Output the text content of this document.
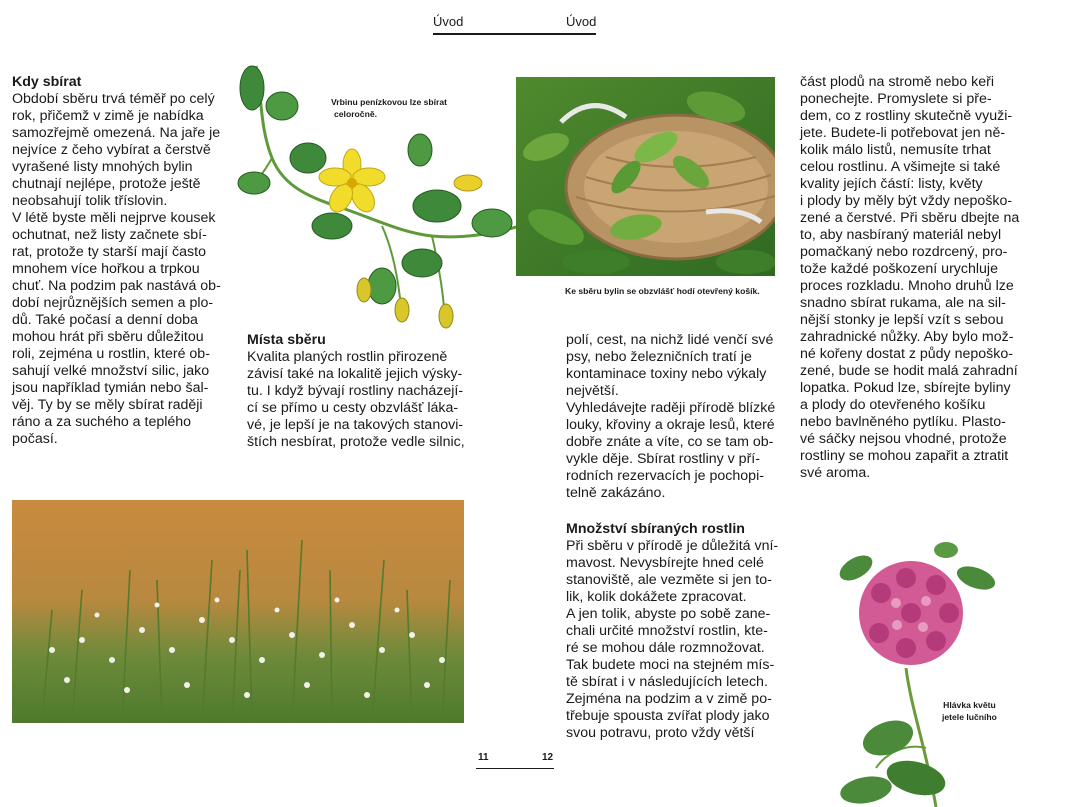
Úvod	Úvod

Kdy sbírat

Období sběru trvá téměř po celý

rok, přičemž v zimě je nabídka

samozřejmě omezená. Na jaře je

nejvíce z čeho vybírat a čerstvě

vyrašené listy mnohých bylin

chutnají nejlépe, protože ještě

neobsahují tolik tříslovin.

V létě byste měli nejprve kousek

ochutnat, než listy začnete sbí-

rat, protože ty starší mají často

mnohem více hořkou a trpkou

chuť. Na podzim pak nastává ob-

dobí nejrůznějších semen a plo-

dů. Také počasí a denní doba

mohou hrát při sběru důležitou

roli, zejména u rostlin, které ob-

sahují velké množství silic, jako

jsou například tymián nebo šal-

věj. Ty by se měly sbírat raději

ráno a za suchého a teplého

počasí.

Místa sběru

Kvalita planých rostlin přirozeně

závisí také na lokalitě jejich výsky-

tu. I když bývají rostliny nacházejí-

cí se přímo u cesty obzvlášť láka-

vé, je lepší je na takových stanovi-

štích nesbírat, protože vedle silnic,

polí, cest, na nichž lidé venčí své

psy, nebo železničních tratí je

kontaminace toxiny nebo výkaly

největší.

Vyhledávejte raději přírodě blízké

louky, křoviny a okraje lesů, které

dobře znáte a víte, co se tam ob-

vykle děje. Sbírat rostliny v pří-

rodních rezervacích je pochopi-

telně zakázáno.

Množství sbíraných rostlin

Při sběru v přírodě je důležitá vní-

mavost. Nevysbírejte hned celé

stanoviště, ale vezměte si jen to-

lik, kolik dokážete zpracovat.

A jen tolik, abyste po sobě zane-

chali určité množství rostlin, kte-

ré se mohou dále rozmnožovat.

Tak budete moci na stejném mís-

tě sbírat i v následujících letech.

Zejména na podzim a v zimě po-

třebuje spousta zvířat plody jako

svou potravu, proto vždy větší

část plodů na stromě nebo keři

ponechejte. Promyslete si pře-

dem, co z rostliny skutečně využi-

jete. Budete-li potřebovat jen ně-

kolik málo listů, nemusíte trhat

celou rostlinu. A všimejte si také

kvality jejích částí: listy, květy

i plody by měly být vždy nepoško-

zené a čerstvé. Při sběru dbejte na

to, aby nasbíraný materiál nebyl

pomačkaný nebo rozdrcený, pro-

tože každé poškození urychluje

proces rozkladu. Mnoho druhů lze

snadno sbírat rukama, ale na sil-

nější stonky je lepší vzít s sebou

zahradnické nůžky. Aby bylo mož-

né kořeny dostat z půdy nepoško-

zené, bude se hodit malá zahradní

lopatka. Pokud lze, sbírejte byliny

a plody do otevřeného košíku

nebo bavlněného pytlíku. Plasto-

vé sáčky nejsou vhodné, protože

rostliny se mohou zapařit a ztratit

své aroma.

Vrbinu penízkovou lze sbírat
celoročně.
Ke sběru bylin se obzvlášť hodí otevřený košík.
Hlávka květu
jetele lučního
11	12
